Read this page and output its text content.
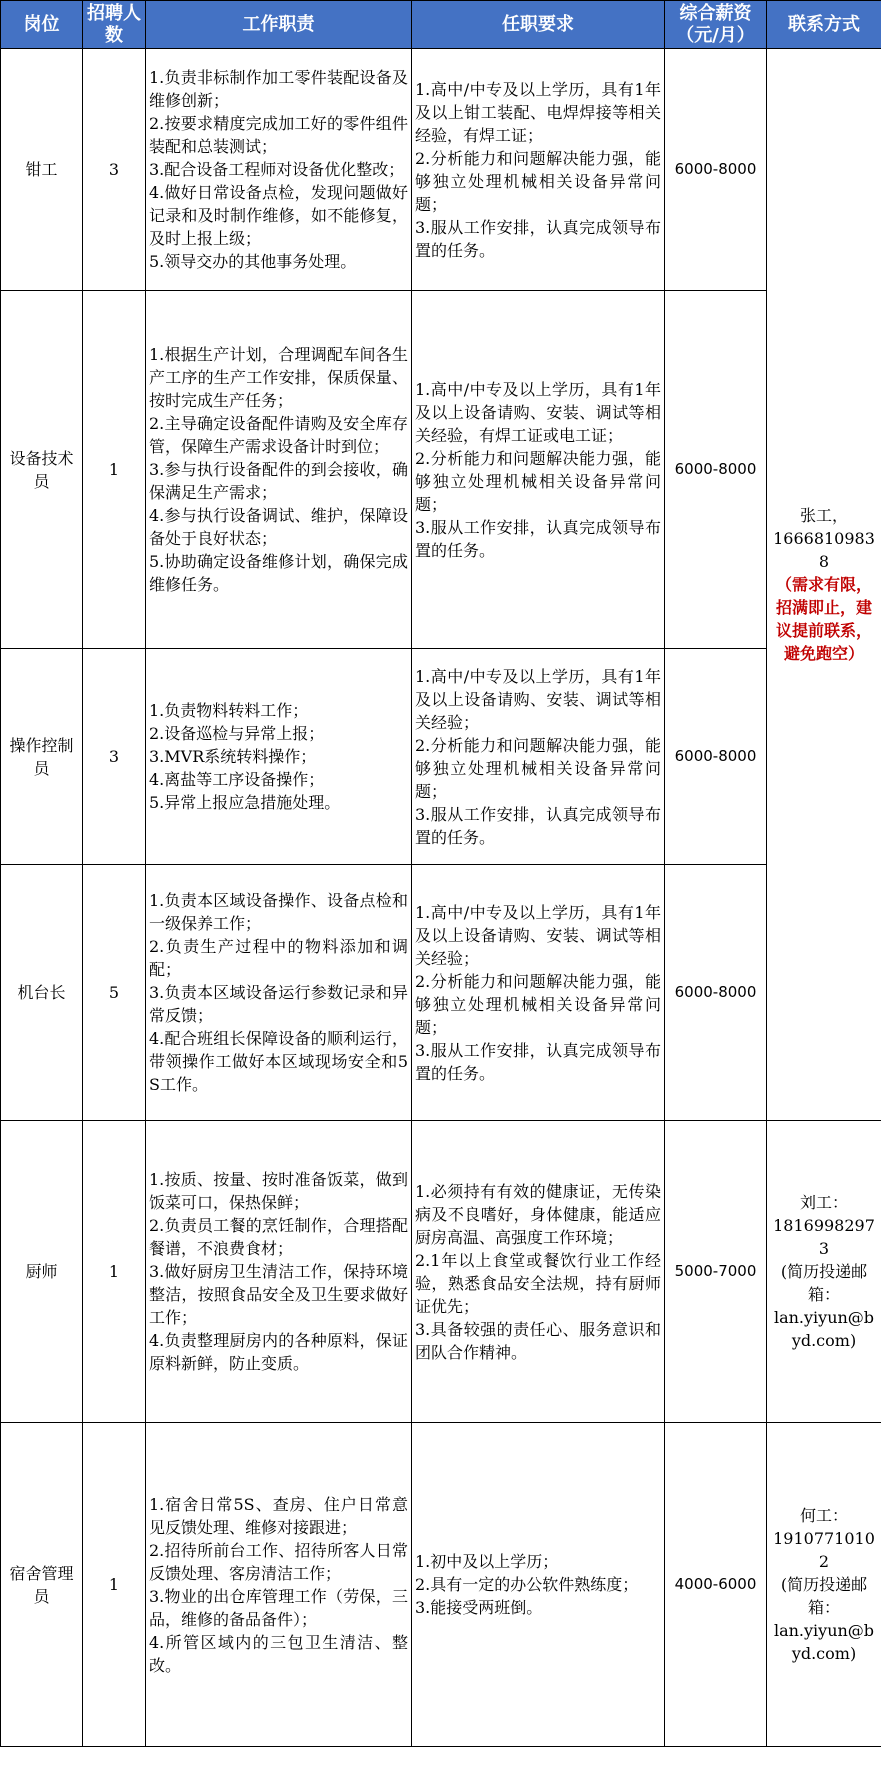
岗位	招聘人数	工作职责	任职要求	综合薪资（元/月）	联系方式
钳工	3	1.负责非标制作加工零件装配设备及维修创新；
2.按要求精度完成加工好的零件组件装配和总装测试；
3.配合设备工程师对设备优化整改；
4.做好日常设备点检，发现问题做好记录和及时制作维修，如不能修复，及时上报上级；
5.领导交办的其他事务处理。	1.高中/中专及以上学历，具有1年及以上钳工装配、电焊焊接等相关经验，有焊工证；
2.分析能力和问题解决能力强，能够独立处理机械相关设备异常问题；
3.服从工作安排，认真完成领导布置的任务。	6000-8000	张工，
16668109838
（需求有限，招满即止，建议提前联系，避免跑空）

设备技术员	1	1.根据生产计划，合理调配车间各生产工序的生产工作安排，保质保量、按时完成生产任务；
2.主导确定设备配件请购及安全库存管，保障生产需求设备计时到位；
3.参与执行设备配件的到会接收，确保满足生产需求；
4.参与执行设备调试、维护，保障设备处于良好状态；
5.协助确定设备维修计划，确保完成维修任务。	1.高中/中专及以上学历，具有1年及以上设备请购、安装、调试等相关经验，有焊工证或电工证；
2.分析能力和问题解决能力强，能够独立处理机械相关设备异常问题；
3.服从工作安排，认真完成领导布置的任务。	6000-8000	
操作控制员	3	1.负责物料转料工作；
2.设备巡检与异常上报；
3.MVR系统转料操作；
4.离盐等工序设备操作；
5.异常上报应急措施处理。	1.高中/中专及以上学历，具有1年及以上设备请购、安装、调试等相关经验；
2.分析能力和问题解决能力强，能够独立处理机械相关设备异常问题；
3.服从工作安排，认真完成领导布置的任务。	6000-8000	
机台长	5	1.负责本区域设备操作、设备点检和一级保养工作；
2.负责生产过程中的物料添加和调配；
3.负责本区域设备运行参数记录和异常反馈；
4.配合班组长保障设备的顺利运行，带领操作工做好本区域现场安全和5S工作。	1.高中/中专及以上学历，具有1年及以上设备请购、安装、调试等相关经验；
2.分析能力和问题解决能力强，能够独立处理机械相关设备异常问题；
3.服从工作安排，认真完成领导布置的任务。	6000-8000	
厨师	1	1.按质、按量、按时准备饭菜，做到饭菜可口，保热保鲜；
2.负责员工餐的烹饪制作，合理搭配餐谱，不浪费食材；
3.做好厨房卫生清洁工作，保持环境整洁，按照食品安全及卫生要求做好工作；
4.负责整理厨房内的各种原料，保证原料新鲜，防止变质。	1.必须持有有效的健康证，无传染病及不良嗜好，身体健康，能适应厨房高温、高强度工作环境；
2.1年以上食堂或餐饮行业工作经验，熟悉食品安全法规，持有厨师证优先；
3.具备较强的责任心、服务意识和团队合作精神。	5000-7000	刘工：
18169982973
(简历投递邮箱：
lan.yiyun@byd.com)

宿舍管理员	1	1.宿舍日常5S、查房、住户日常意见反馈处理、维修对接跟进；
2.招待所前台工作、招待所客人日常反馈处理、客房清洁工作；
3.物业的出仓库管理工作（劳保，三品，维修的备品备件）；
4.所管区域内的三包卫生清洁、整改。	1.初中及以上学历；
2.具有一定的办公软件熟练度；
3.能接受两班倒。	4000-6000	何工：
19107710102
(简历投递邮箱：
lan.yiyun@byd.com)
